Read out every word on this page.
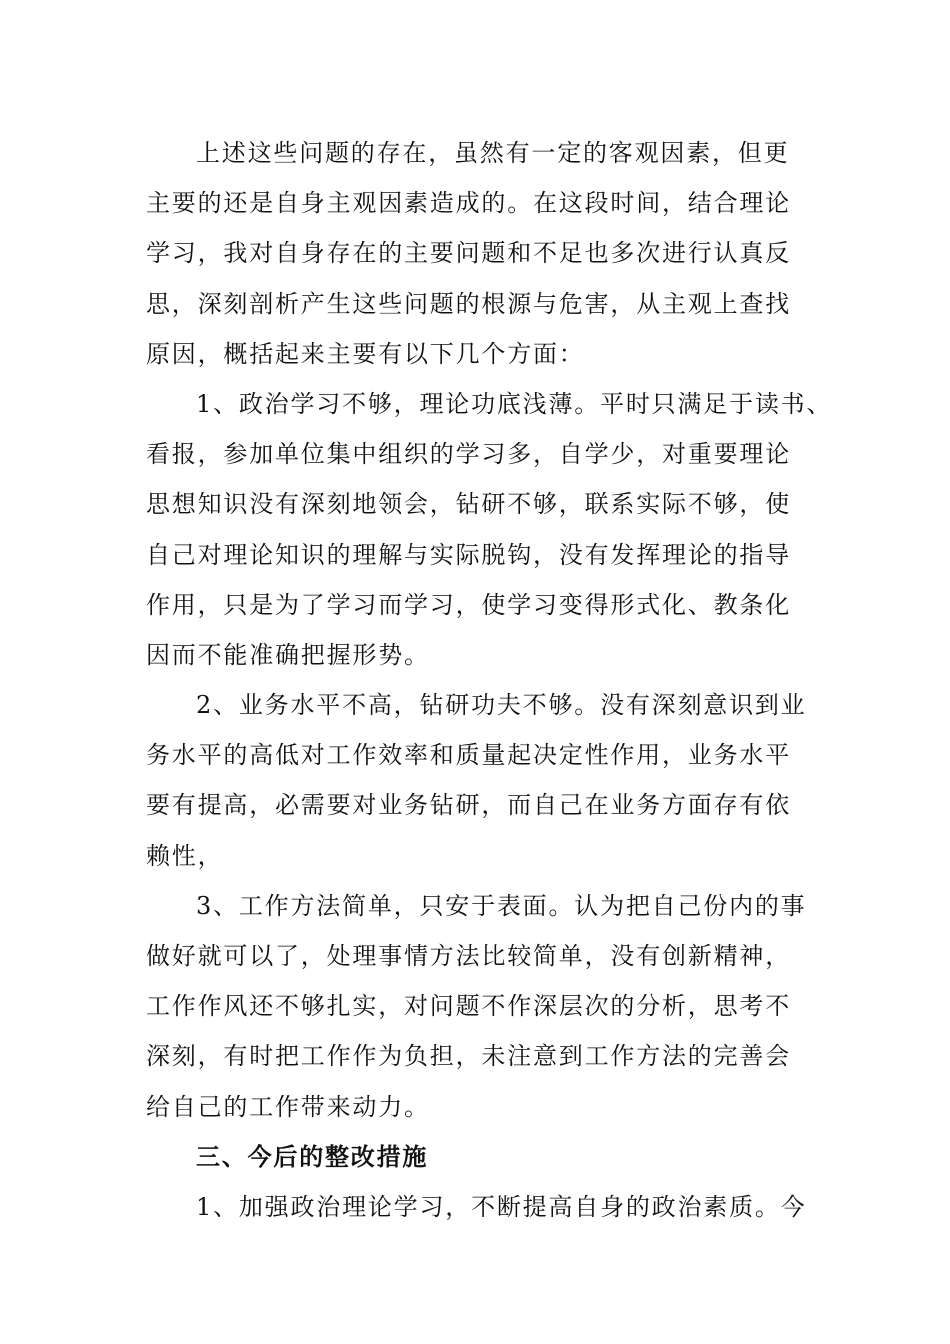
上述这些问题的存在，虽然有一定的客观因素，但更
主要的还是自身主观因素造成的。在这段时间，结合理论
学习，我对自身存在的主要问题和不足也多次进行认真反
思，深刻剖析产生这些问题的根源与危害，从主观上查找
原因，概括起来主要有以下几个方面：
1、政治学习不够，理论功底浅薄。平时只满足于读书、
看报，参加单位集中组织的学习多，自学少，对重要理论
思想知识没有深刻地领会，钻研不够，联系实际不够，使
自己对理论知识的理解与实际脱钩，没有发挥理论的指导
作用，只是为了学习而学习，使学习变得形式化、教条化
因而不能准确把握形势。
2、业务水平不高，钻研功夫不够。没有深刻意识到业
务水平的高低对工作效率和质量起决定性作用，业务水平
要有提高，必需要对业务钻研，而自己在业务方面存有依
赖性，
3、工作方法简单，只安于表面。认为把自己份内的事
做好就可以了，处理事情方法比较简单，没有创新精神，
工作作风还不够扎实，对问题不作深层次的分析，思考不
深刻，有时把工作作为负担，未注意到工作方法的完善会
给自己的工作带来动力。
三、今后的整改措施
1、加强政治理论学习，不断提高自身的政治素质。今
